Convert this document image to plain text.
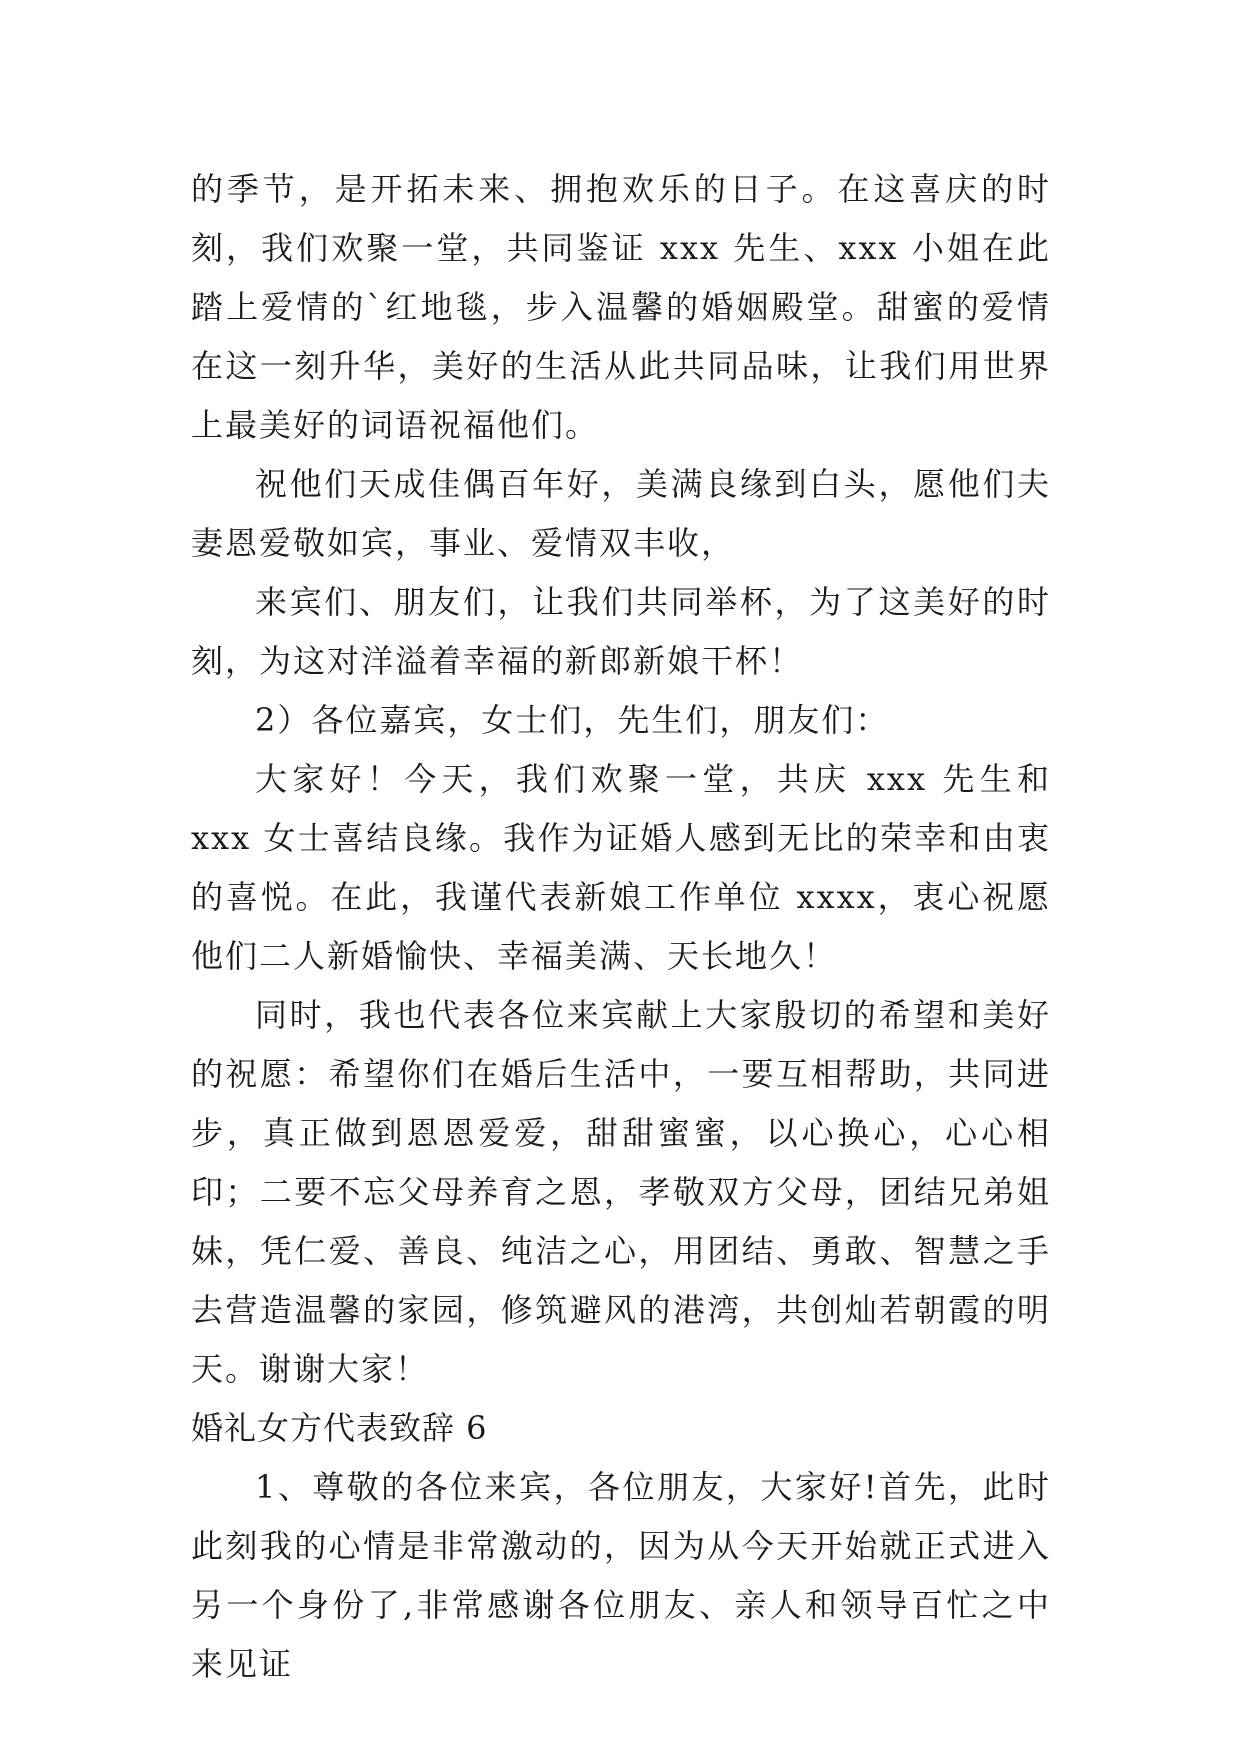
的季节，是开拓未来、拥抱欢乐的日子。在这喜庆的时刻，我们欢聚一堂，共同鉴证 xxx 先生、xxx 小姐在此踏上爱情的`红地毯，步入温馨的婚姻殿堂。甜蜜的爱情在这一刻升华，美好的生活从此共同品味，让我们用世界上最美好的词语祝福他们。

祝他们天成佳偶百年好，美满良缘到白头，愿他们夫妻恩爱敬如宾，事业、爱情双丰收，

来宾们、朋友们，让我们共同举杯，为了这美好的时刻，为这对洋溢着幸福的新郎新娘干杯！

2）各位嘉宾，女士们，先生们，朋友们：

大家好！今天，我们欢聚一堂，共庆 xxx 先生和 xxx 女士喜结良缘。我作为证婚人感到无比的荣幸和由衷的喜悦。在此，我谨代表新娘工作单位 xxxx，衷心祝愿他们二人新婚愉快、幸福美满、天长地久！

同时，我也代表各位来宾献上大家殷切的希望和美好的祝愿：希望你们在婚后生活中，一要互相帮助，共同进步，真正做到恩恩爱爱，甜甜蜜蜜，以心换心，心心相印；二要不忘父母养育之恩，孝敬双方父母，团结兄弟姐妹，凭仁爱、善良、纯洁之心，用团结、勇敢、智慧之手去营造温馨的家园，修筑避风的港湾，共创灿若朝霞的明天。谢谢大家！

婚礼女方代表致辞 6

1、尊敬的各位来宾，各位朋友，大家好!首先，此时此刻我的心情是非常激动的，因为从今天开始就正式进入另一个身份了,非常感谢各位朋友、亲人和领导百忙之中来见证
